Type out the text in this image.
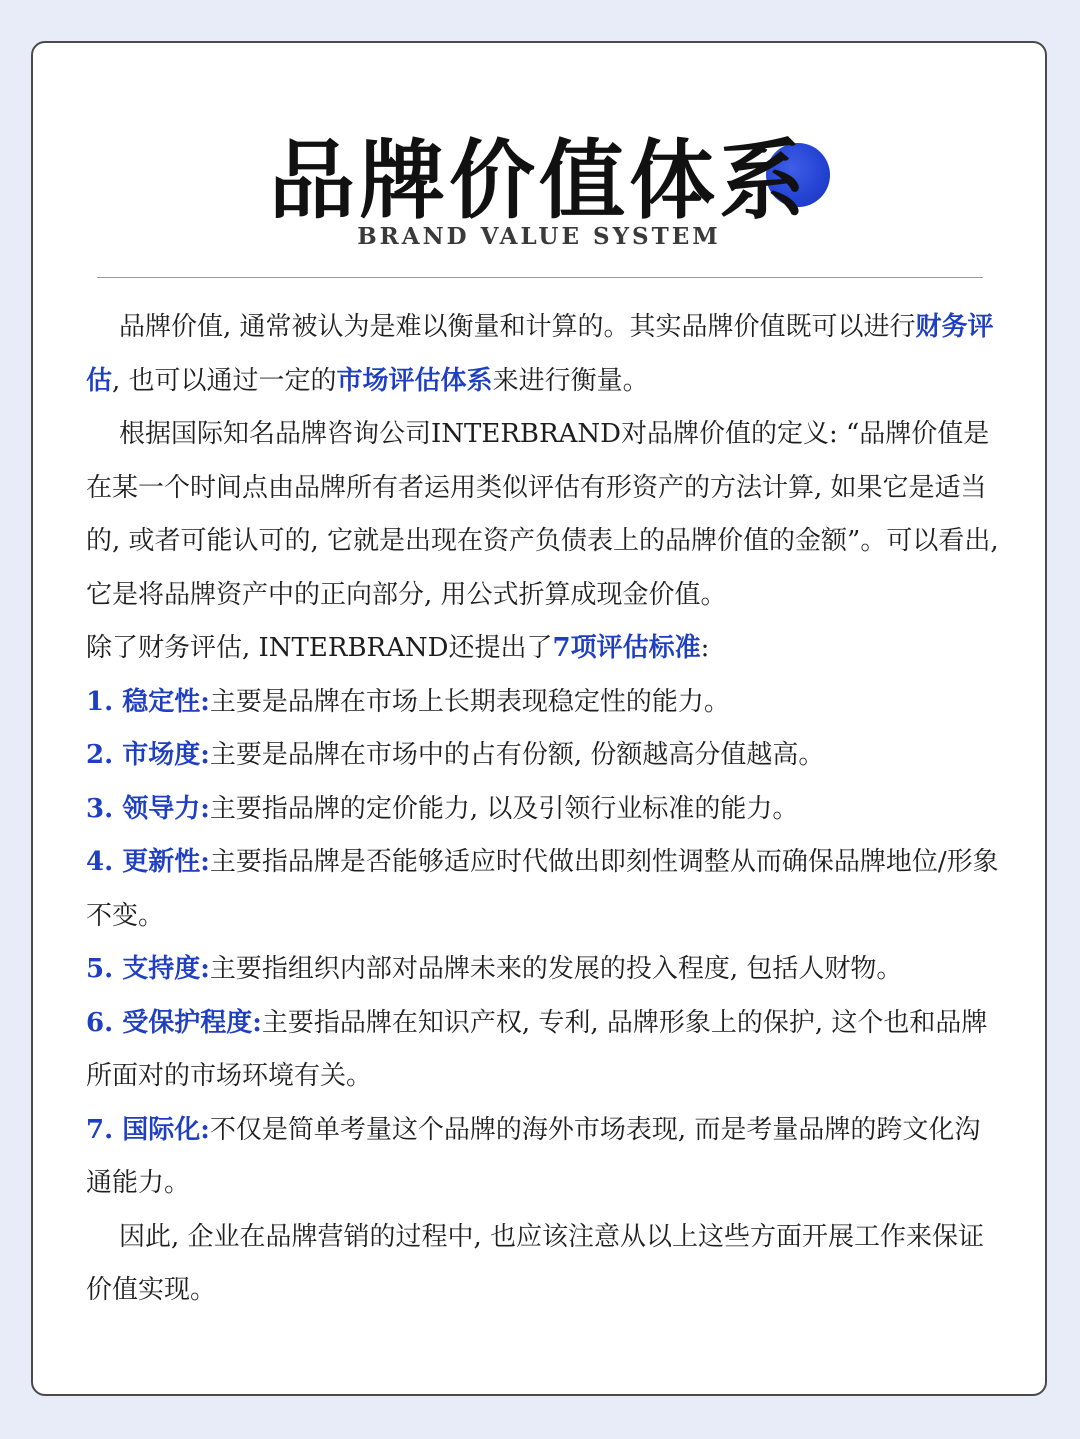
品牌价值体系
BRAND VALUE SYSTEM

品牌价值, 通常被认为是难以衡量和计算的。其实品牌价值既可以进行财务评估, 也可以通过一定的市场评估体系来进行衡量。

根据国际知名品牌咨询公司INTERBRAND对品牌价值的定义: “品牌价值是在某一个时间点由品牌所有者运用类似评估有形资产的方法计算, 如果它是适当的, 或者可能认可的, 它就是出现在资产负债表上的品牌价值的金额”。可以看出, 它是将品牌资产中的正向部分, 用公式折算成现金价值。

除了财务评估, INTERBRAND还提出了7项评估标准:

1. 稳定性:主要是品牌在市场上长期表现稳定性的能力。

2. 市场度:主要是品牌在市场中的占有份额, 份额越高分值越高。

3. 领导力:主要指品牌的定价能力, 以及引领行业标准的能力。

4. 更新性:主要指品牌是否能够适应时代做出即刻性调整从而确保品牌地位/形象不变。

5. 支持度:主要指组织内部对品牌未来的发展的投入程度, 包括人财物。

6. 受保护程度:主要指品牌在知识产权, 专利, 品牌形象上的保护, 这个也和品牌所面对的市场环境有关。

7. 国际化:不仅是简单考量这个品牌的海外市场表现, 而是考量品牌的跨文化沟通能力。

因此, 企业在品牌营销的过程中, 也应该注意从以上这些方面开展工作来保证价值实现。
